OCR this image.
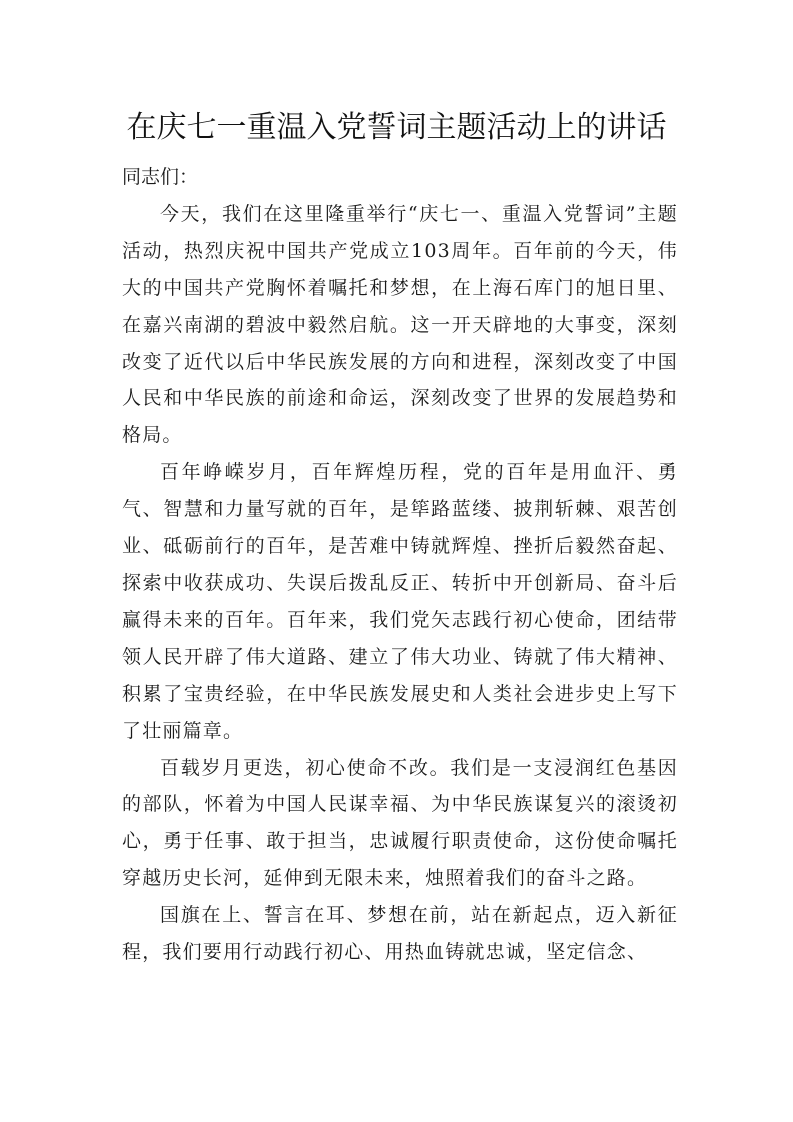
在庆七一重温入党誓词主题活动上的讲话

同志们：

今天，我们在这里隆重举行“庆七一、重温入党誓词”主题活动，热烈庆祝中国共产党成立103周年。百年前的今天，伟大的中国共产党胸怀着嘱托和梦想，在上海石库门的旭日里、在嘉兴南湖的碧波中毅然启航。这一开天辟地的大事变，深刻改变了近代以后中华民族发展的方向和进程，深刻改变了中国人民和中华民族的前途和命运，深刻改变了世界的发展趋势和格局。

百年峥嵘岁月，百年辉煌历程，党的百年是用血汗、勇气、智慧和力量写就的百年，是筚路蓝缕、披荆斩棘、艰苦创业、砥砺前行的百年，是苦难中铸就辉煌、挫折后毅然奋起、探索中收获成功、失误后拨乱反正、转折中开创新局、奋斗后赢得未来的百年。百年来，我们党矢志践行初心使命，团结带领人民开辟了伟大道路、建立了伟大功业、铸就了伟大精神、积累了宝贵经验，在中华民族发展史和人类社会进步史上写下了壮丽篇章。

百载岁月更迭，初心使命不改。我们是一支浸润红色基因的部队，怀着为中国人民谋幸福、为中华民族谋复兴的滚烫初心，勇于任事、敢于担当，忠诚履行职责使命，这份使命嘱托穿越历史长河，延伸到无限未来，烛照着我们的奋斗之路。

国旗在上、誓言在耳、梦想在前，站在新起点，迈入新征程，我们要用行动践行初心、用热血铸就忠诚，坚定信念、
